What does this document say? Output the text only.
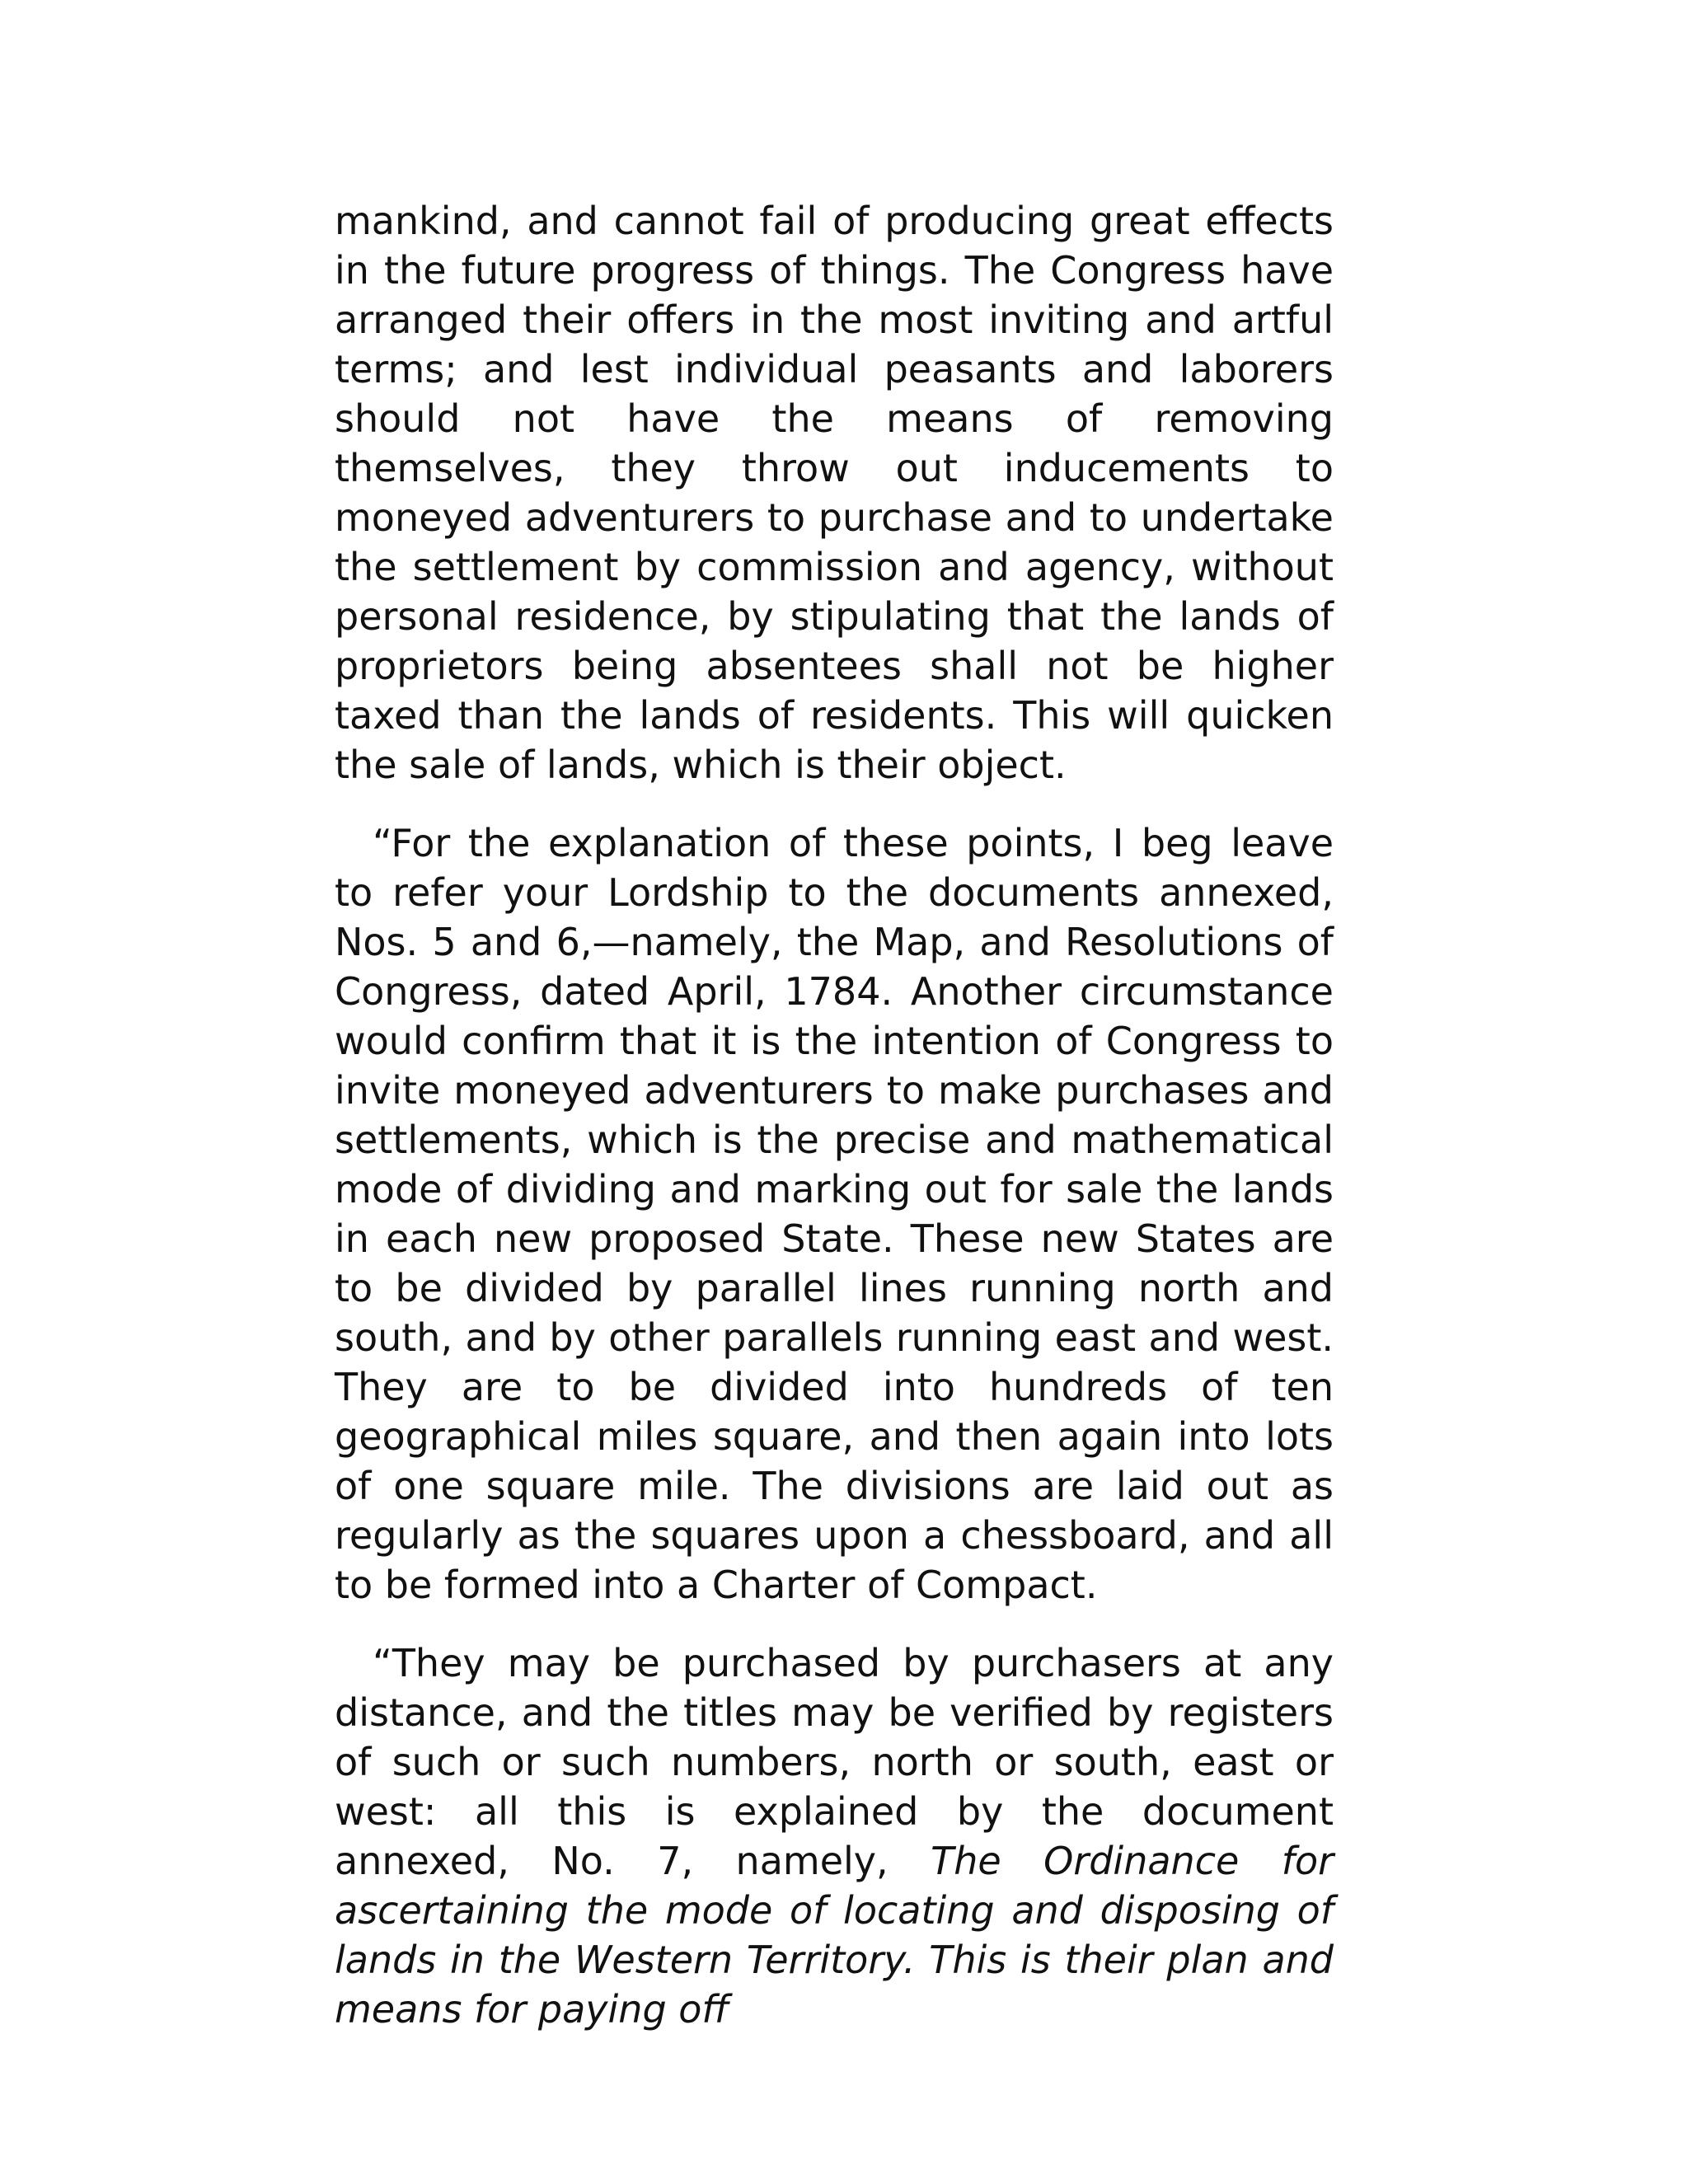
mankind, and cannot fail of producing great effects in the future progress of things. The Congress have arranged their offers in the most inviting and artful terms; and lest individual peasants and laborers should not have the means of removing themselves, they throw out inducements to moneyed adventurers to purchase and to undertake the settlement by commission and agency, without personal residence, by stipulating that the lands of proprietors being absentees shall not be higher taxed than the lands of residents. This will quicken the sale of lands, which is their object.

“For the explanation of these points, I beg leave to refer your Lordship to the documents annexed, Nos. 5 and 6,—namely, the Map, and Resolutions of Congress, dated April, 1784. Another circumstance would confirm that it is the intention of Congress to invite moneyed adventurers to make purchases and settlements, which is the precise and mathematical mode of dividing and marking out for sale the lands in each new proposed State. These new States are to be divided by parallel lines running north and south, and by other parallels running east and west. They are to be divided into hundreds of ten geographical miles square, and then again into lots of one square mile. The divisions are laid out as regularly as the squares upon a chessboard, and all to be formed into a Charter of Compact.

“They may be purchased by purchasers at any distance, and the titles may be verified by registers of such or such numbers, north or south, east or west: all this is explained by the document annexed, No. 7, namely, The Ordinance for ascertaining the mode of locating and disposing of lands in the Western Territory. This is their plan and means for paying off
